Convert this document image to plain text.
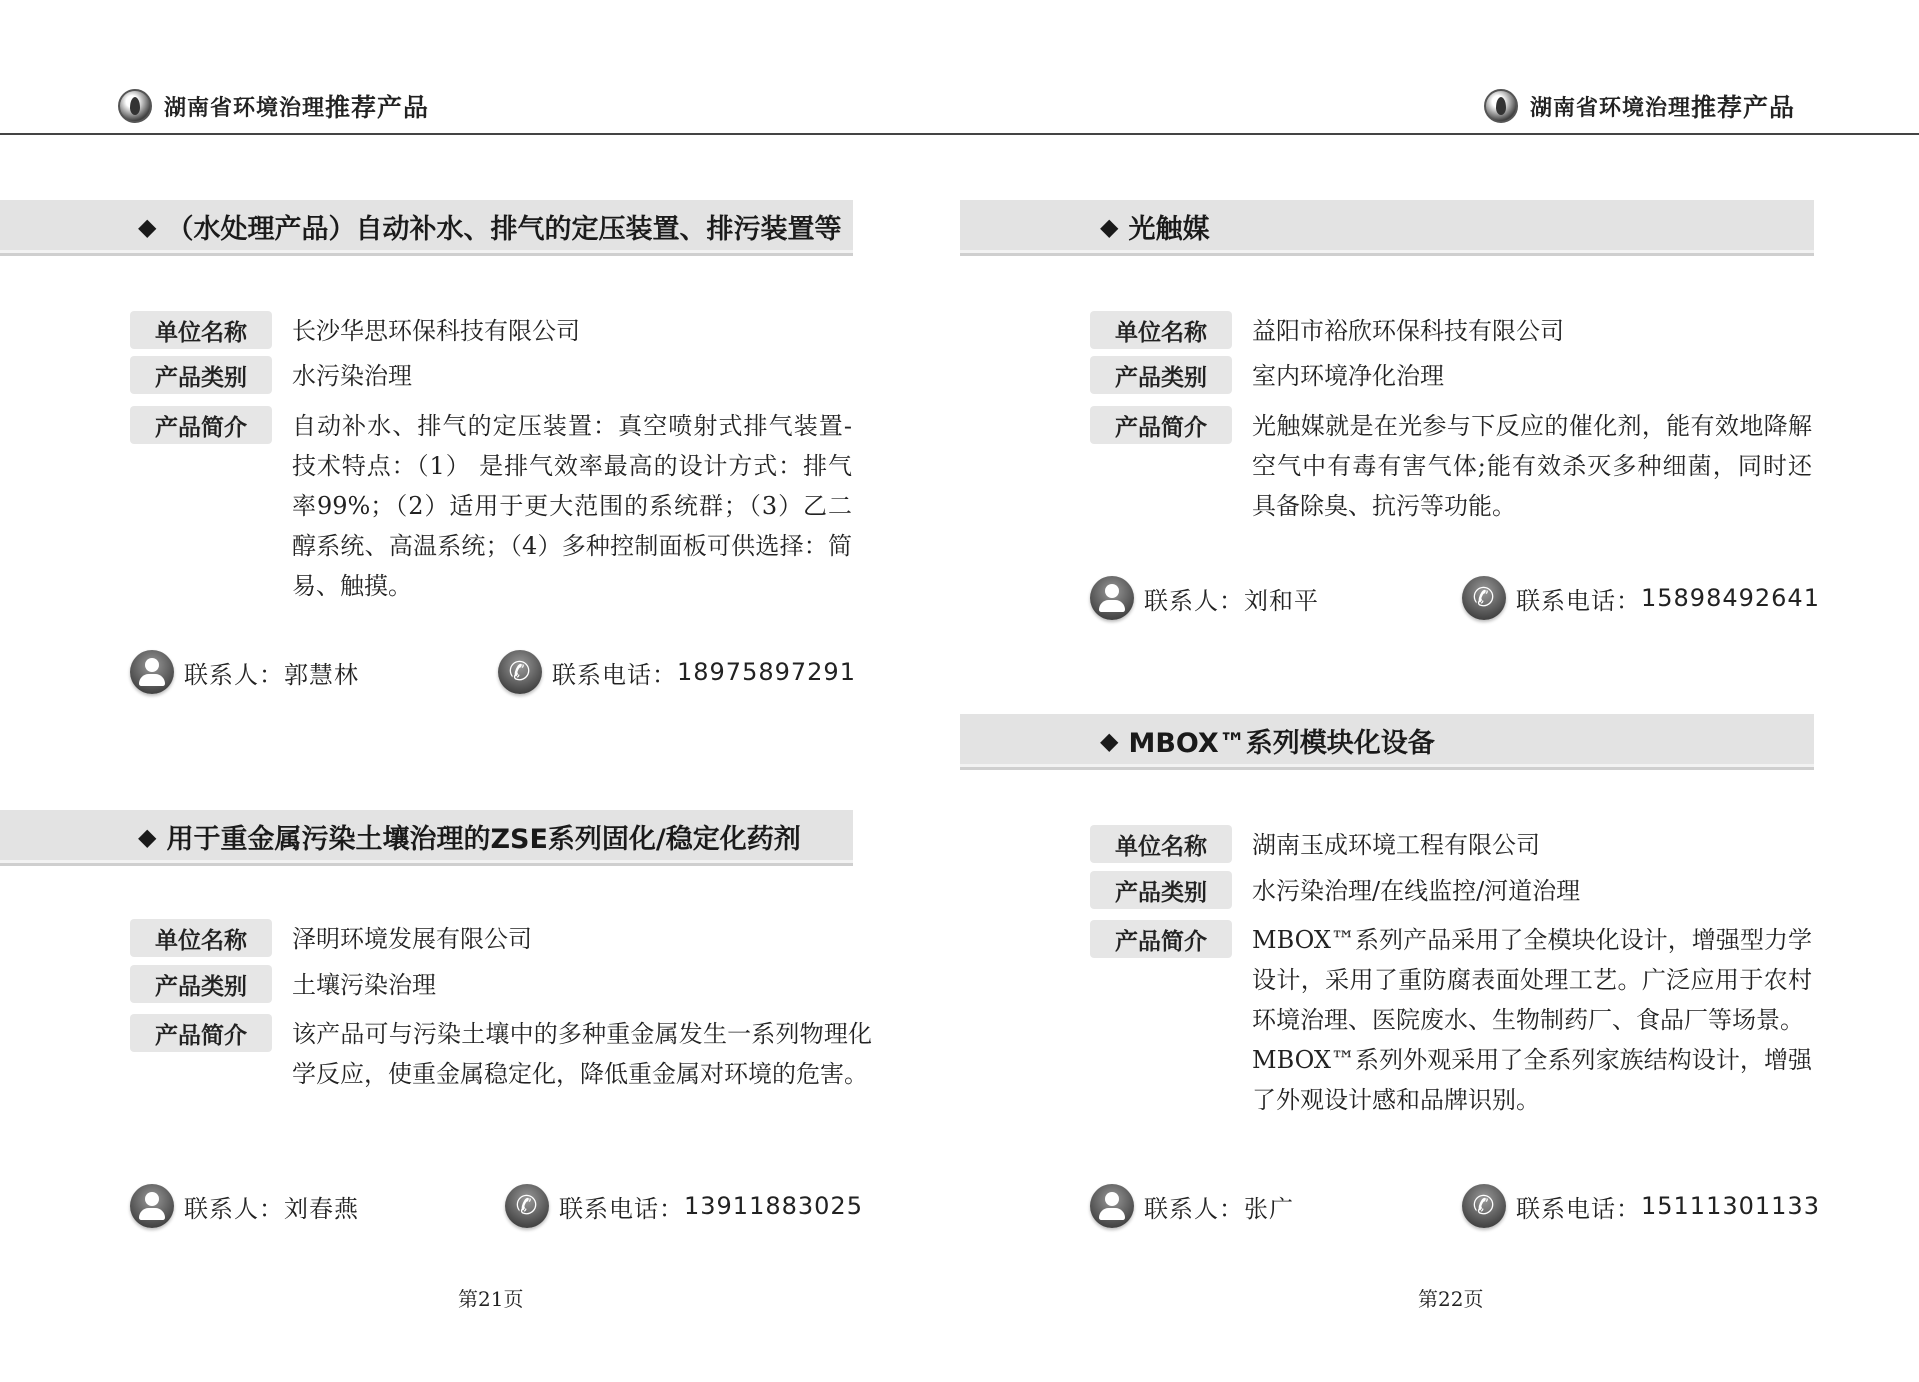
湖南省环境治理 推荐产品	湖南省环境治理 推荐产品
◆ （水处理产品）自动补水、排气的定压装置、排污装置等
单位名称	长沙华思环保科技有限公司
产品类别	水污染治理
产品简介	自动补水、排气的定压装置：真空喷射式排气装置-技术特点：（1） 是排气效率最高的设计方式：排气率99%；（2）适用于更大范围的系统群；（3）乙二醇系统、高温系统；（4）多种控制面板可供选择：简易、触摸。
联系人： 郭慧林 ✆	联系电话： 18975897291
◆ 用于重金属污染土壤治理的ZSE系列固化/稳定化药剂
单位名称	泽明环境发展有限公司
产品类别	土壤污染治理
产品简介	该产品可与污染土壤中的多种重金属发生一系列物理化学反应，使重金属稳定化，降低重金属对环境的危害。
联系人： 刘春燕 ✆	联系电话： 13911883025
◆ 光触媒
单位名称	益阳市裕欣环保科技有限公司
产品类别	室内环境净化治理
产品简介	光触媒就是在光参与下反应的催化剂，能有效地降解空气中有毒有害气体;能有效杀灭多种细菌，同时还具备除臭、抗污等功能。
联系人： 刘和平 ✆	联系电话： 15898492641
◆ MBOX™系列模块化设备
单位名称	湖南玉成环境工程有限公司
产品类别	水污染治理/在线监控/河道治理
产品简介	MBOX™系列产品采用了全模块化设计，增强型力学设计，采用了重防腐表面处理工艺。广泛应用于农村环境治理、医院废水、生物制药厂、食品厂等场景。
MBOX™系列外观采用了全系列家族结构设计，增强了外观设计感和品牌识别。
联系人： 张广 ✆	联系电话： 15111301133
第21页	第22页
